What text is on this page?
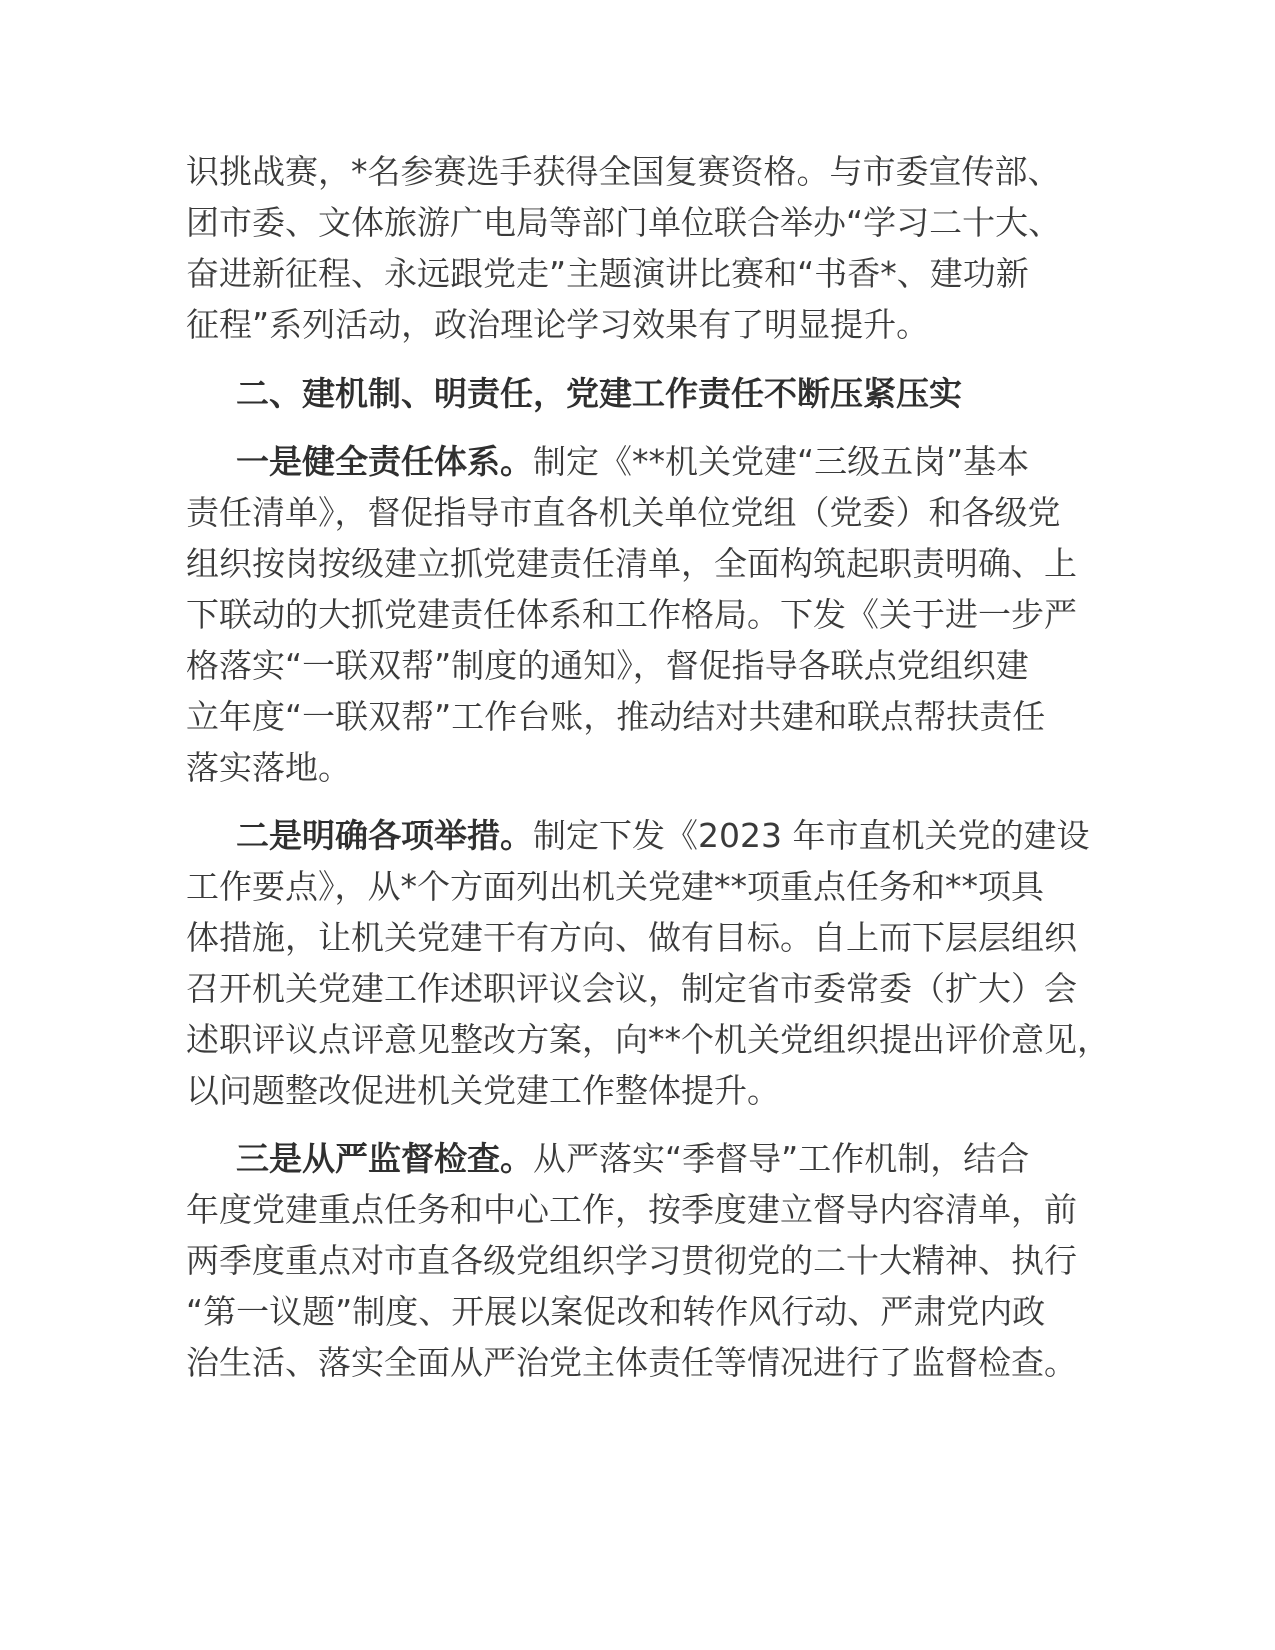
识挑战赛，*名参赛选手获得全国复赛资格。与市委宣传部、
团市委、文体旅游广电局等部门单位联合举办“学习二十大、
奋进新征程、永远跟党走”主题演讲比赛和“书香*、建功新
征程”系列活动，政治理论学习效果有了明显提升。
二、建机制、明责任，党建工作责任不断压紧压实
一是健全责任体系。制定《**机关党建“三级五岗”基本
责任清单》，督促指导市直各机关单位党组（党委）和各级党
组织按岗按级建立抓党建责任清单，全面构筑起职责明确、上
下联动的大抓党建责任体系和工作格局。下发《关于进一步严
格落实“一联双帮”制度的通知》，督促指导各联点党组织建
立年度“一联双帮”工作台账，推动结对共建和联点帮扶责任
落实落地。
二是明确各项举措。制定下发《2023 年市直机关党的建设
工作要点》，从*个方面列出机关党建**项重点任务和**项具
体措施，让机关党建干有方向、做有目标。自上而下层层组织
召开机关党建工作述职评议会议，制定省市委常委（扩大）会
述职评议点评意见整改方案，向**个机关党组织提出评价意见，
以问题整改促进机关党建工作整体提升。
三是从严监督检查。从严落实“季督导”工作机制，结合
年度党建重点任务和中心工作，按季度建立督导内容清单，前
两季度重点对市直各级党组织学习贯彻党的二十大精神、执行
“第一议题”制度、开展以案促改和转作风行动、严肃党内政
治生活、落实全面从严治党主体责任等情况进行了监督检查。
